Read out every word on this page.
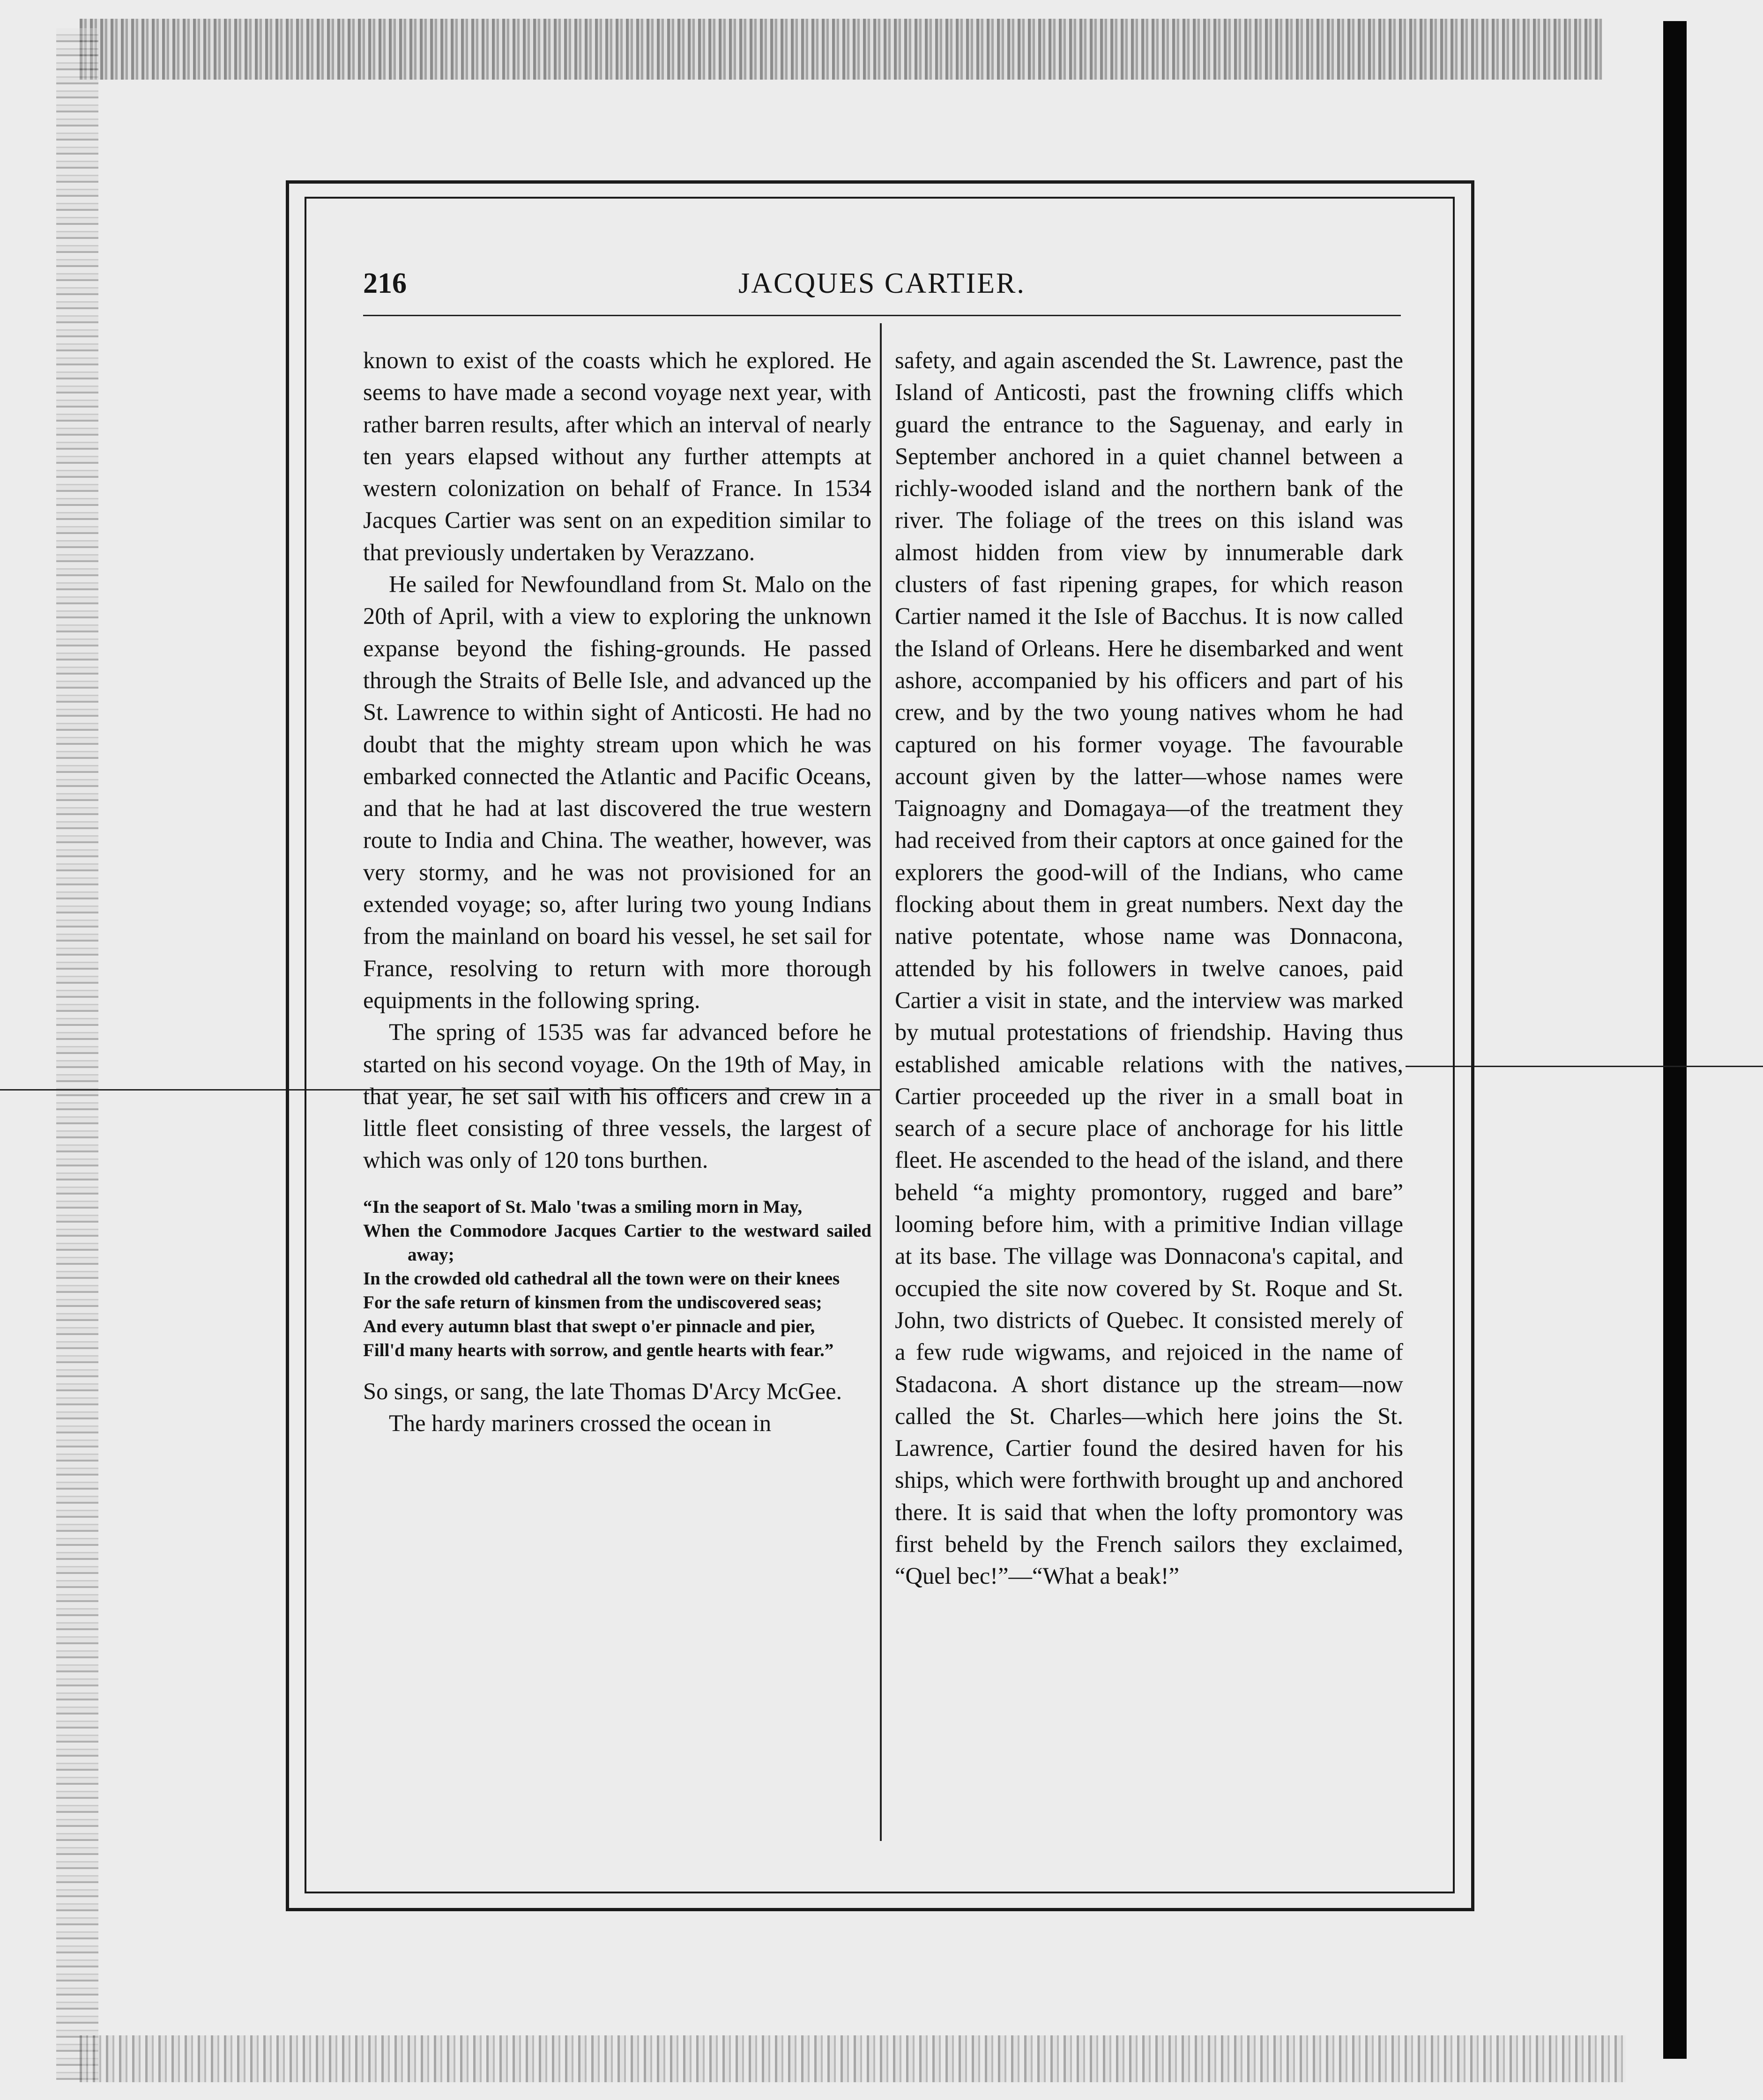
216	JACQUES CARTIER.

known to exist of the coasts which he explored. He seems to have made a second voyage next year, with rather barren results, after which an interval of nearly ten years elapsed without any further attempts at western colonization on behalf of France. In 1534 Jacques Cartier was sent on an expedition similar to that previously undertaken by Verazzano.

He sailed for Newfoundland from St. Malo on the 20th of April, with a view to exploring the unknown expanse beyond the fishing-grounds. He passed through the Straits of Belle Isle, and advanced up the St. Lawrence to within sight of Anticosti. He had no doubt that the mighty stream upon which he was embarked connected the Atlantic and Pacific Oceans, and that he had at last discovered the true western route to India and China. The weather, however, was very stormy, and he was not provisioned for an extended voyage; so, after luring two young Indians from the mainland on board his vessel, he set sail for France, resolving to return with more thorough equipments in the following spring.

The spring of 1535 was far advanced before he started on his second voyage. On the 19th of May, in that year, he set sail with his officers and crew in a little fleet consisting of three vessels, the largest of which was only of 120 tons burthen.

“In the seaport of St. Malo 'twas a smiling morn in May,
When the Commodore Jacques Cartier to the westward sailed away;
In the crowded old cathedral all the town were on their knees
For the safe return of kinsmen from the undiscovered seas;
And every autumn blast that swept o'er pinnacle and pier,
Fill'd many hearts with sorrow, and gentle hearts with fear.”

So sings, or sang, the late Thomas D'Arcy McGee.

The hardy mariners crossed the ocean in

safety, and again ascended the St. Lawrence, past the Island of Anticosti, past the frowning cliffs which guard the entrance to the Saguenay, and early in September anchored in a quiet channel between a richly-wooded island and the northern bank of the river. The foliage of the trees on this island was almost hidden from view by innumerable dark clusters of fast ripening grapes, for which reason Cartier named it the Isle of Bacchus. It is now called the Island of Orleans. Here he disembarked and went ashore, accompanied by his officers and part of his crew, and by the two young natives whom he had captured on his former voyage. The favourable account given by the latter—whose names were Taignoagny and Domagaya—of the treatment they had received from their captors at once gained for the explorers the good-will of the Indians, who came flocking about them in great numbers. Next day the native potentate, whose name was Donnacona, attended by his followers in twelve canoes, paid Cartier a visit in state, and the interview was marked by mutual protestations of friendship. Having thus established amicable relations with the natives, Cartier proceeded up the river in a small boat in search of a secure place of anchorage for his little fleet. He ascended to the head of the island, and there beheld “a mighty promontory, rugged and bare” looming before him, with a primitive Indian village at its base. The village was Donnacona's capital, and occupied the site now covered by St. Roque and St. John, two districts of Quebec. It consisted merely of a few rude wigwams, and rejoiced in the name of Stadacona. A short distance up the stream—now called the St. Charles—which here joins the St. Lawrence, Cartier found the desired haven for his ships, which were forthwith brought up and anchored there. It is said that when the lofty promontory was first beheld by the French sailors they exclaimed, “Quel bec!”—“What a beak!”
